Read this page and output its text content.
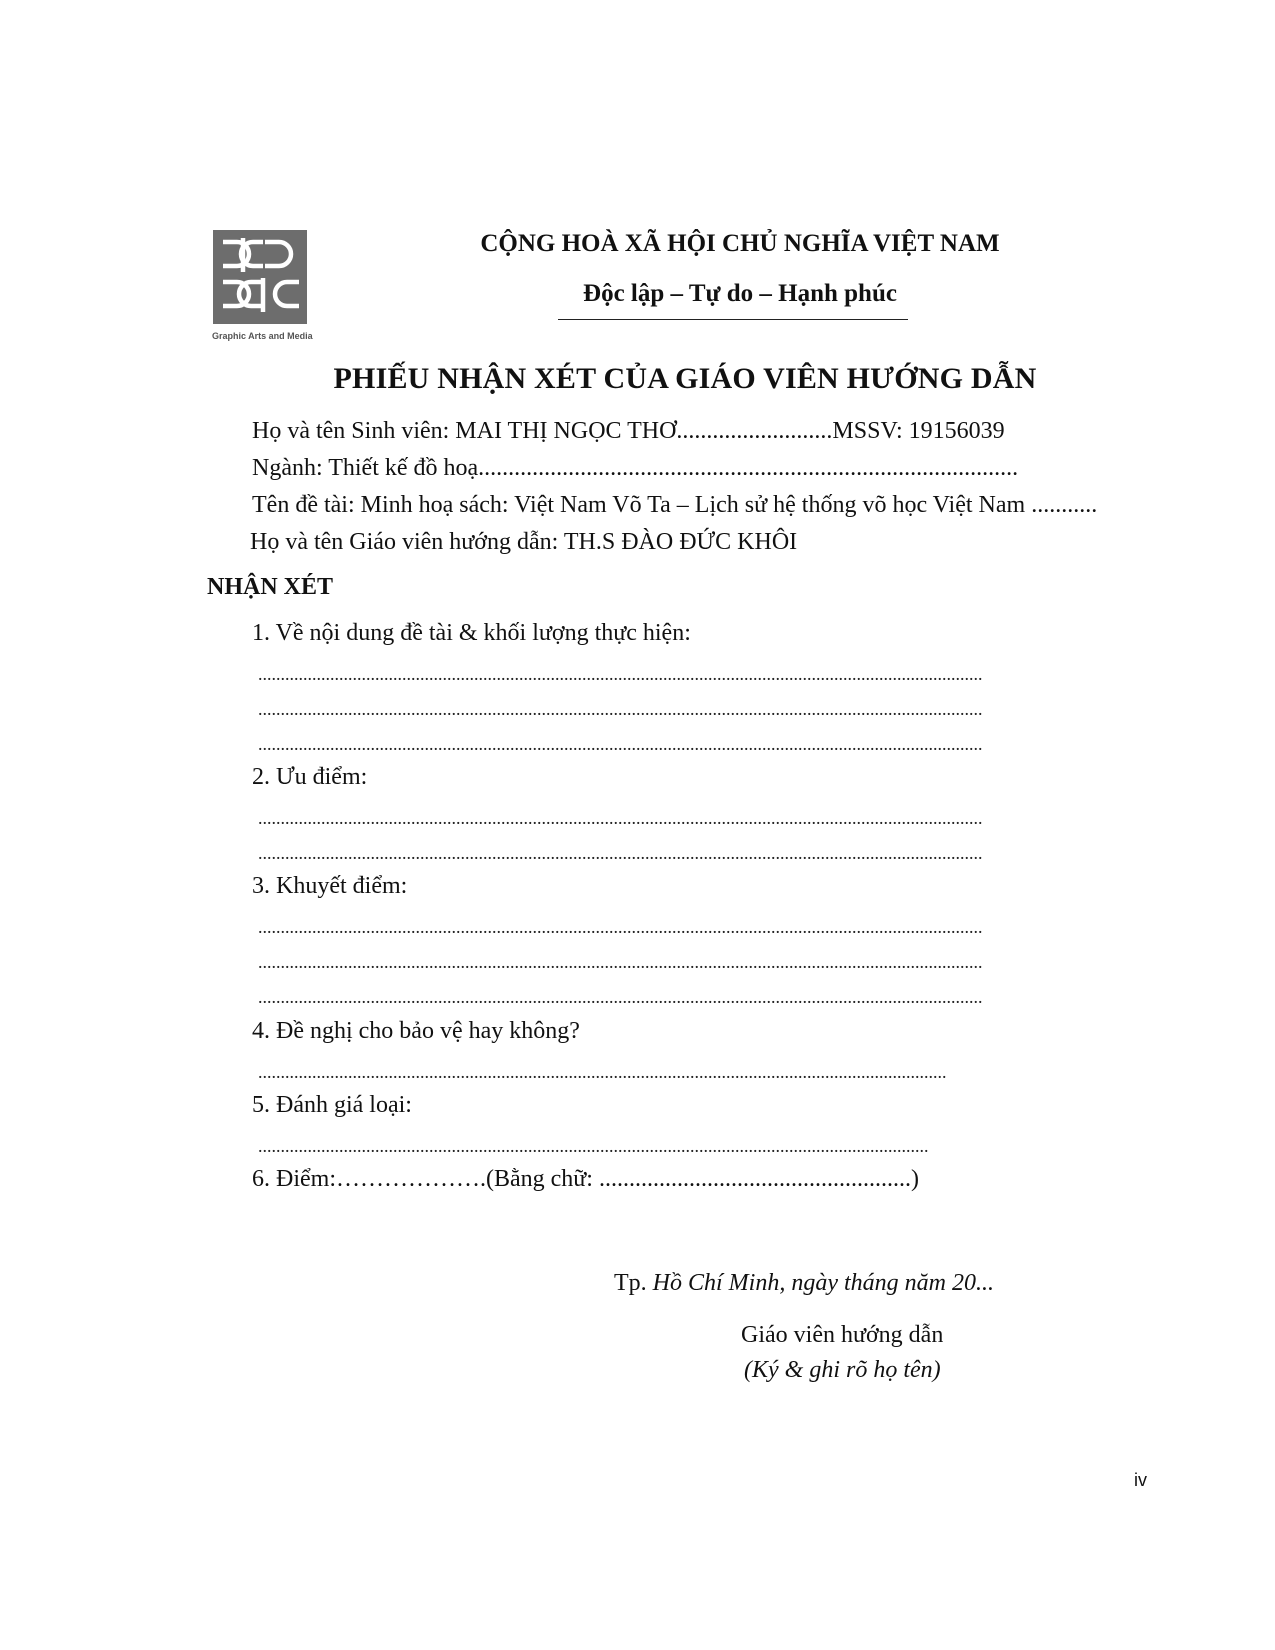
Graphic Arts and Media
CỘNG HOÀ XÃ HỘI CHỦ NGHĨA VIỆT NAM
Độc lập – Tự do – Hạnh phúc
PHIẾU NHẬN XÉT CỦA GIÁO VIÊN HƯỚNG DẪN
Họ và tên Sinh viên: MAI THỊ NGỌC THƠ..........................MSSV: 19156039
Ngành: Thiết kế đồ hoạ..........................................................................................
Tên đề tài: Minh hoạ sách: Việt Nam Võ Ta – Lịch sử hệ thống võ học Việt Nam ...........
Họ và tên Giáo viên hướng dẫn: TH.S ĐÀO ĐỨC KHÔI
NHẬN XÉT
1. Về nội dung đề tài & khối lượng thực hiện:
.................................................................................................................................................................
.................................................................................................................................................................
.................................................................................................................................................................
2. Ưu điểm:
.................................................................................................................................................................
.................................................................................................................................................................
3. Khuyết điểm:
.................................................................................................................................................................
.................................................................................................................................................................
.................................................................................................................................................................
4. Đề nghị cho bảo vệ hay không?
.........................................................................................................................................................
5. Đánh giá loại:
.....................................................................................................................................................
6. Điểm:……………….(Bằng chữ: ....................................................)
Tp. Hồ Chí Minh, ngày tháng năm 20...
Giáo viên hướng dẫn
(Ký & ghi rõ họ tên)
iv
